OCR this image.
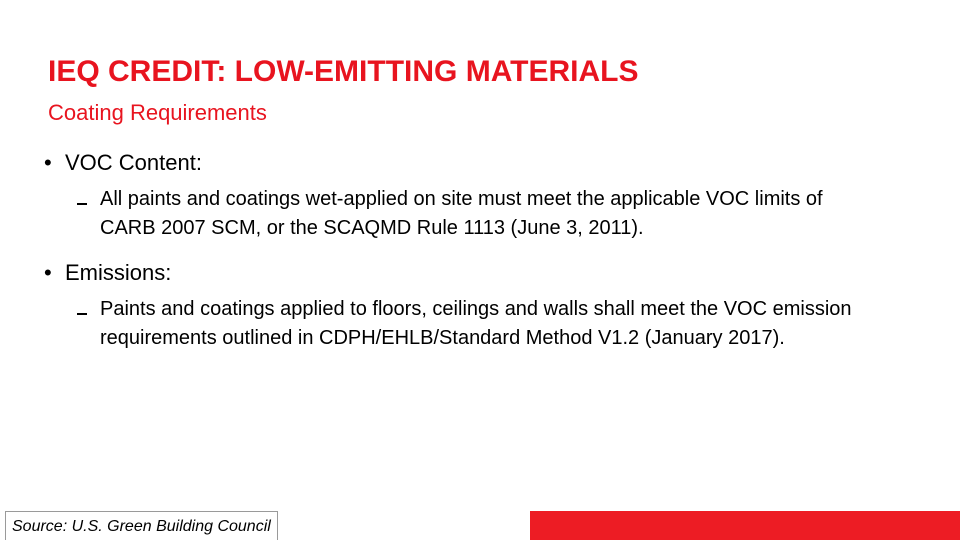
IEQ CREDIT: LOW-EMITTING MATERIALS
Coating Requirements
• VOC Content:
All paints and coatings wet-applied on site must meet the applicable VOC limits of CARB 2007 SCM, or the SCAQMD Rule 1113 (June 3, 2011).
• Emissions:
Paints and coatings applied to floors, ceilings and walls shall meet the VOC emission requirements outlined in CDPH/EHLB/Standard Method V1.2 (January 2017).
Source: U.S. Green Building Council
